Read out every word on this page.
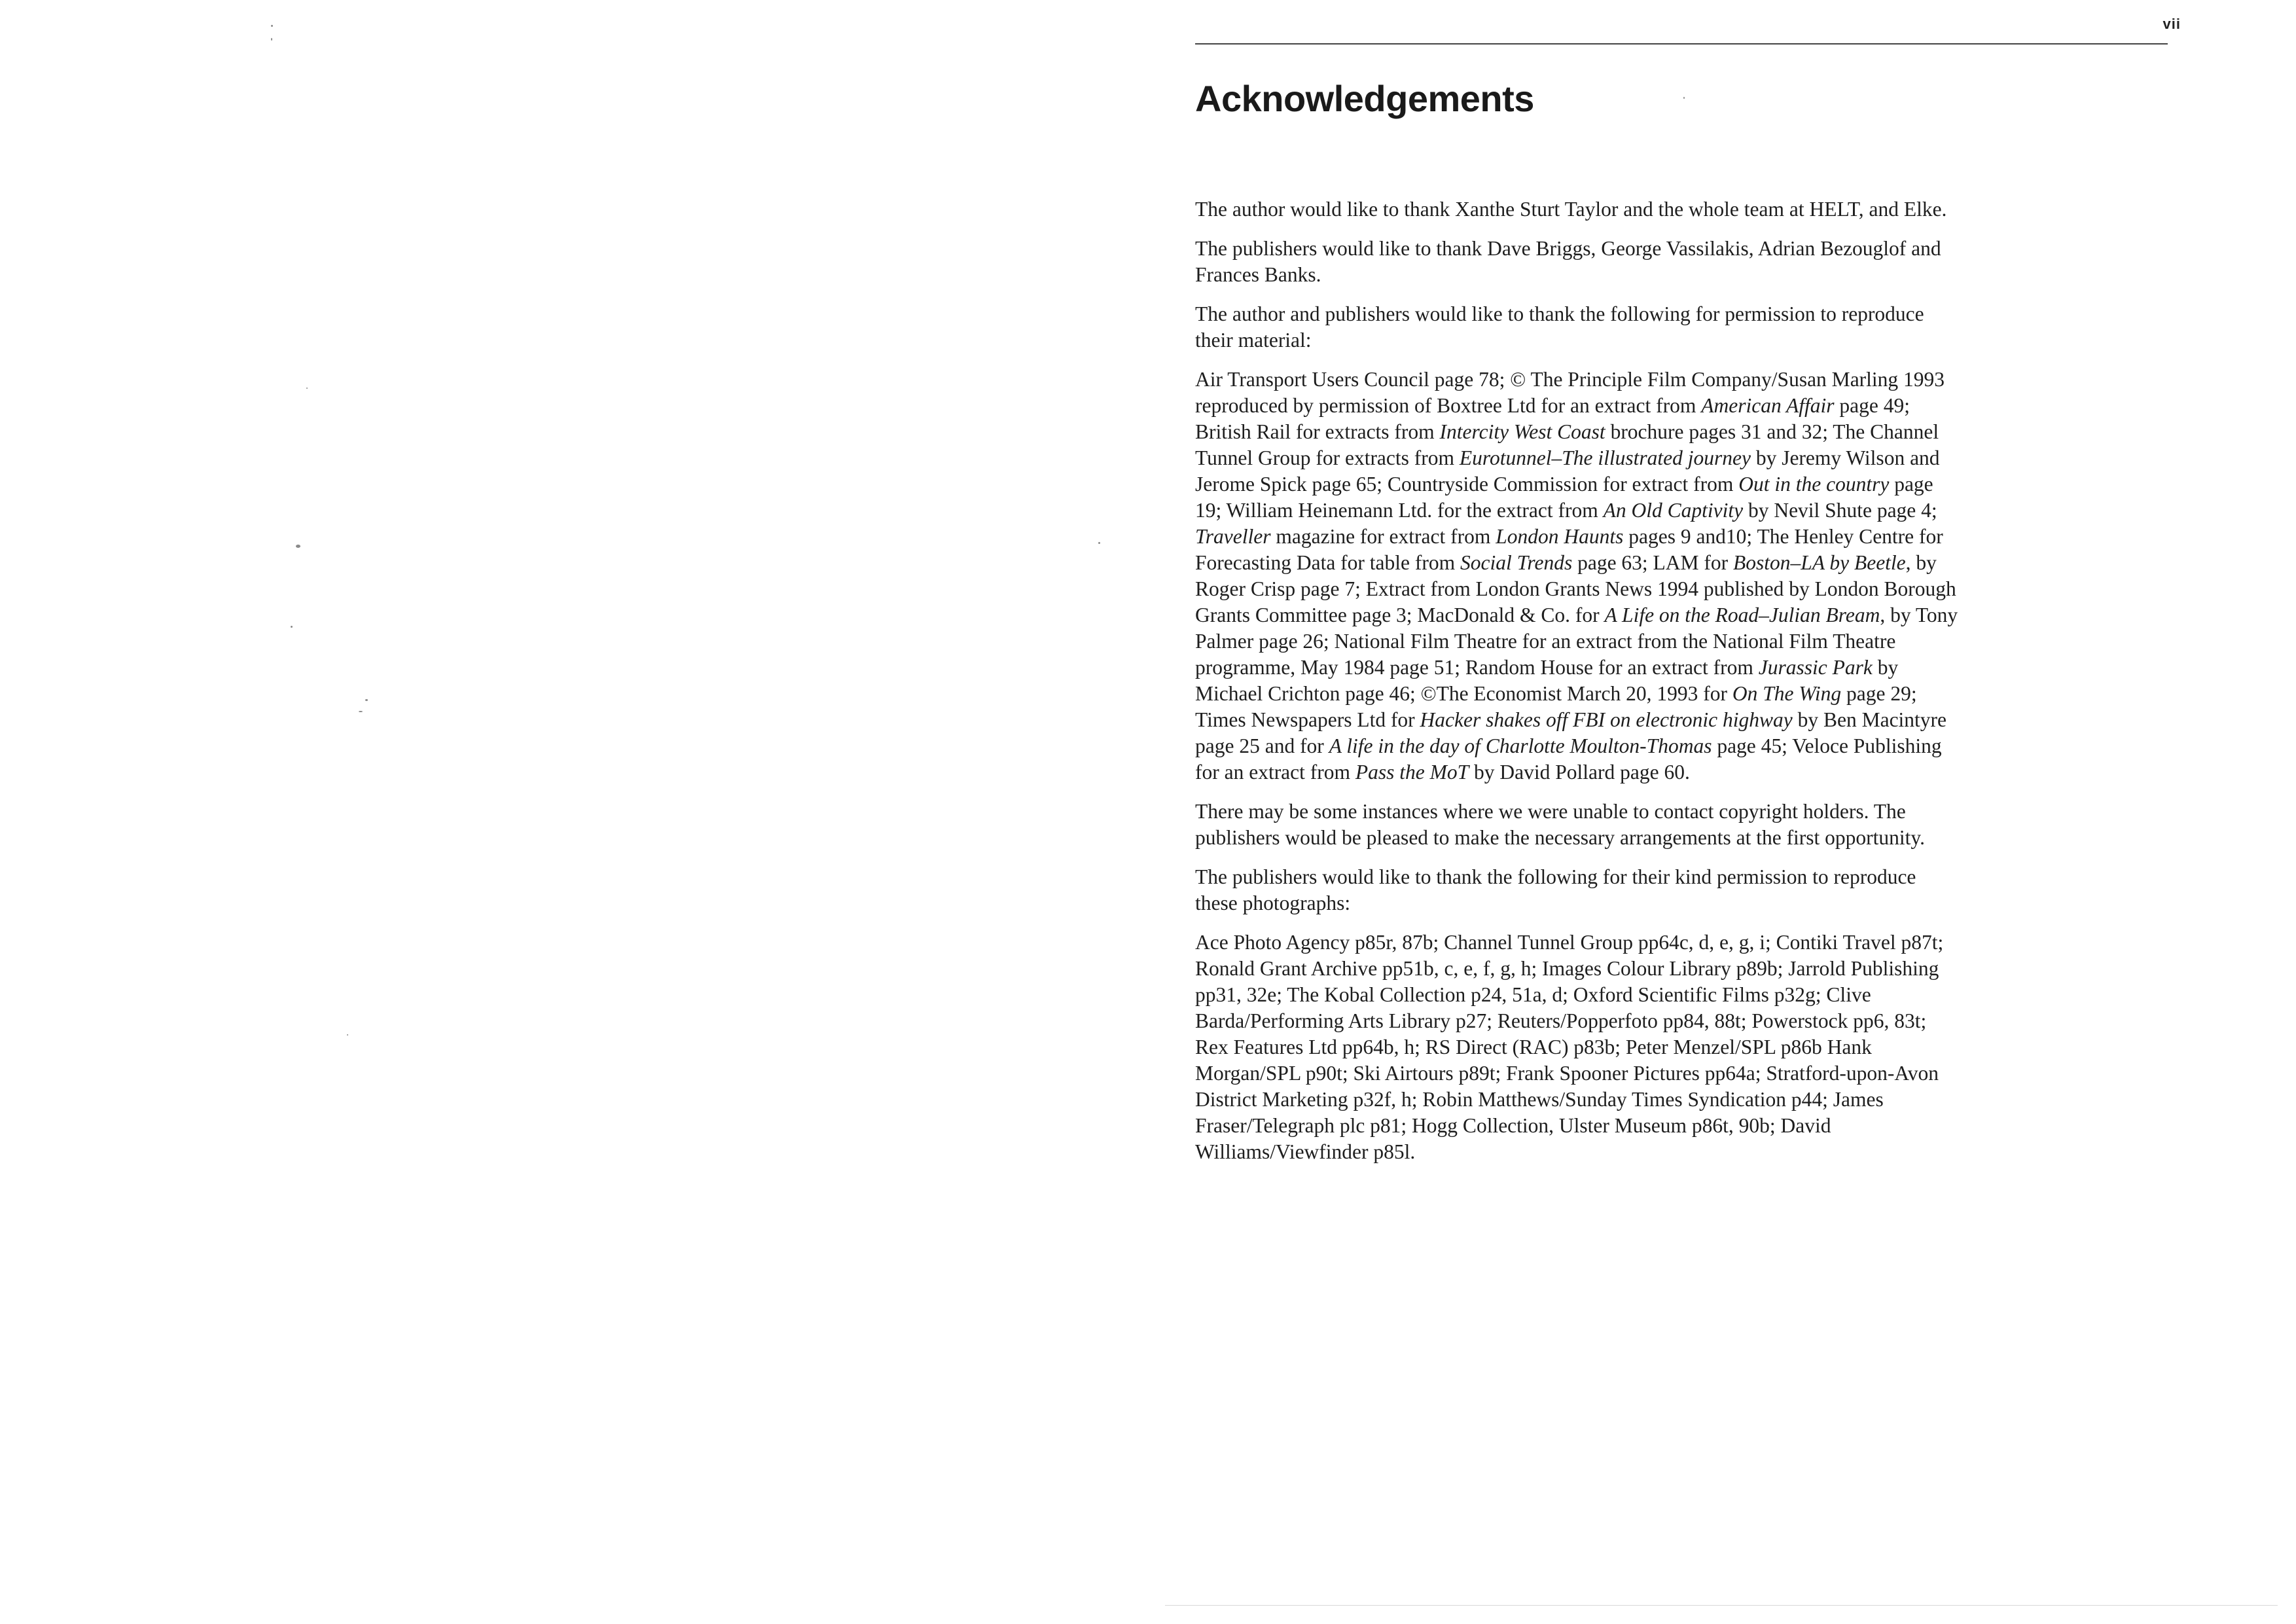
vii
Acknowledgements

The author would like to thank Xanthe Sturt Taylor and the whole team at HELT, and Elke.

The publishers would like to thank Dave Briggs, George Vassilakis, Adrian Bezouglof and Frances Banks.

The author and publishers would like to thank the following for permission to reproduce their material:

Air Transport Users Council page 78; © The Principle Film Company/Susan Marling 1993 reproduced by permission of Boxtree Ltd for an extract from American Affair page 49; British Rail for extracts from Intercity West Coast brochure pages 31 and 32; The Channel Tunnel Group for extracts from Eurotunnel–The illustrated journey by Jeremy Wilson and Jerome Spick page 65; Countryside Commission for extract from Out in the country page 19; William Heinemann Ltd. for the extract from An Old Captivity by Nevil Shute page 4; Traveller magazine for extract from London Haunts pages 9 and10; The Henley Centre for Forecasting Data for table from Social Trends page 63; LAM for Boston–LA by Beetle, by Roger Crisp page 7; Extract from London Grants News 1994 published by London Borough Grants Committee page 3; MacDonald & Co. for A Life on the Road–Julian Bream, by Tony Palmer page 26; National Film Theatre for an extract from the National Film Theatre programme, May 1984 page 51; Random House for an extract from Jurassic Park by Michael Crichton page 46; ©The Economist March 20, 1993 for On The Wing page 29; Times Newspapers Ltd for Hacker shakes off FBI on electronic highway by Ben Macintyre page 25 and for A life in the day of Charlotte Moulton-Thomas page 45; Veloce Publishing for an extract from Pass the MoT by David Pollard page 60.

There may be some instances where we were unable to contact copyright holders. The publishers would be pleased to make the necessary arrangements at the first opportunity.

The publishers would like to thank the following for their kind permission to reproduce these photographs:

Ace Photo Agency p85r, 87b; Channel Tunnel Group pp64c, d, e, g, i; Contiki Travel p87t; Ronald Grant Archive pp51b, c, e, f, g, h; Images Colour Library p89b; Jarrold Publishing pp31, 32e; The Kobal Collection p24, 51a, d; Oxford Scientific Films p32g; Clive Barda/Performing Arts Library p27; Reuters/Popperfoto pp84, 88t; Powerstock pp6, 83t; Rex Features Ltd pp64b, h; RS Direct (RAC) p83b; Peter Menzel/SPL p86b Hank Morgan/SPL p90t; Ski Airtours p89t; Frank Spooner Pictures pp64a; Stratford-upon-Avon District Marketing p32f, h; Robin Matthews/Sunday Times Syndication p44; James Fraser/Telegraph plc p81; Hogg Collection, Ulster Museum p86t, 90b; David Williams/Viewfinder p85l.
